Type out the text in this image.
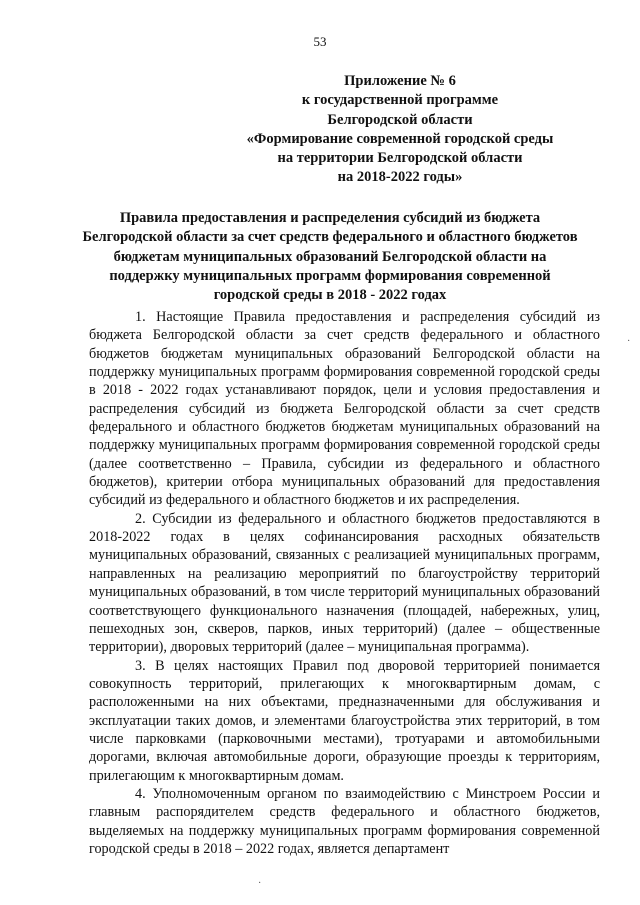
53
Приложение № 6
к государственной программе
Белгородской области
«Формирование современной городской среды
на территории Белгородской области
на 2018-2022 годы»
Правила предоставления и распределения субсидий из бюджета
Белгородской области за счет средств федерального и областного бюджетов
бюджетам муниципальных образований Белгородской области на
поддержку муниципальных программ формирования современной
городской среды в 2018 - 2022 годах

1. Настоящие Правила предоставления и распределения субсидий из бюджета Белгородской области за счет средств федерального и областного бюджетов бюджетам муниципальных образований Белгородской области на поддержку муниципальных программ формирования современной городской среды в 2018 - 2022 годах устанавливают порядок, цели и условия предоставления и распределения субсидий из бюджета Белгородской области за счет средств федерального и областного бюджетов бюджетам муниципальных образований на поддержку муниципальных программ формирования современной городской среды (далее соответственно – Правила, субсидии из федерального и областного бюджетов), критерии отбора муниципальных образований для предоставления субсидий из федерального и областного бюджетов и их распределения.

2. Субсидии из федерального и областного бюджетов предоставляются в 2018-2022 годах в целях софинансирования расходных обязательств муниципальных образований, связанных с реализацией муниципальных программ, направленных на реализацию мероприятий по благоустройству территорий муниципальных образований, в том числе территорий муниципальных образований соответствующего функционального назначения (площадей, набережных, улиц, пешеходных зон, скверов, парков, иных территорий) (далее – общественные территории), дворовых территорий (далее – муниципальная программа).

3. В целях настоящих Правил под дворовой территорией понимается совокупность территорий, прилегающих к многоквартирным домам, с расположенными на них объектами, предназначенными для обслуживания и эксплуатации таких домов, и элементами благоустройства этих территорий, в том числе парковками (парковочными местами), тротуарами и автомобильными дорогами, включая автомобильные дороги, образующие проезды к территориям, прилегающим к многоквартирным домам.

4. Уполномоченным органом по взаимодействию с Минстроем России и главным распорядителем средств федерального и областного бюджетов, выделяемых на поддержку муниципальных программ формирования современной городской среды в 2018 – 2022 годах, является департамент

·
·
